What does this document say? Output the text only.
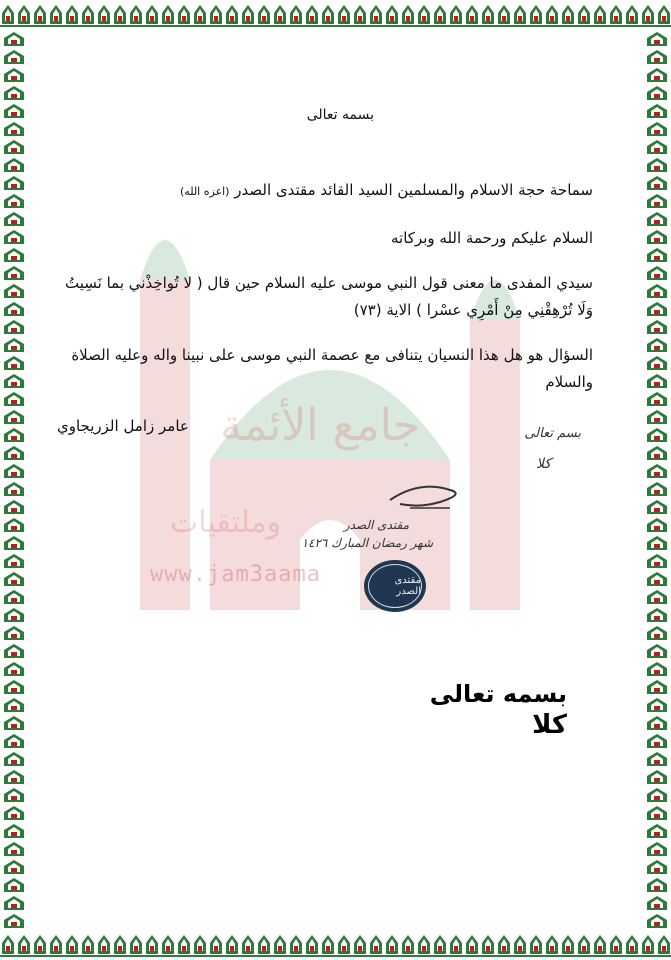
جامع الأئمة
وملتقيات
www.jam3aama
بسمه تعالى
سماحة حجة الاسلام والمسلمين السيد القائد مقتدى الصدر (اعزه الله)
السلام عليكم ورحمة الله وبركاته
سيدي المفدى ما معنى قول النبي موسى عليه السلام حين قال ( لا تُواخِذْني بما نَسِيتُ وَلَا تُرْهِقْنِي مِنْ أَمْرِي عسْرا ) الاية (٧٣)
السؤال هو هل هذا النسيان يتنافى مع عصمة النبي موسى على نبينا واله وعليه الصلاة والسلام
عامر زامل الزريجاوي	بسم تعالى
كلا
مقتدى الصدر
شهر رمضان المبارك ١٤٢٦
مقتدى الصدر
بسمه تعالى
كلا
